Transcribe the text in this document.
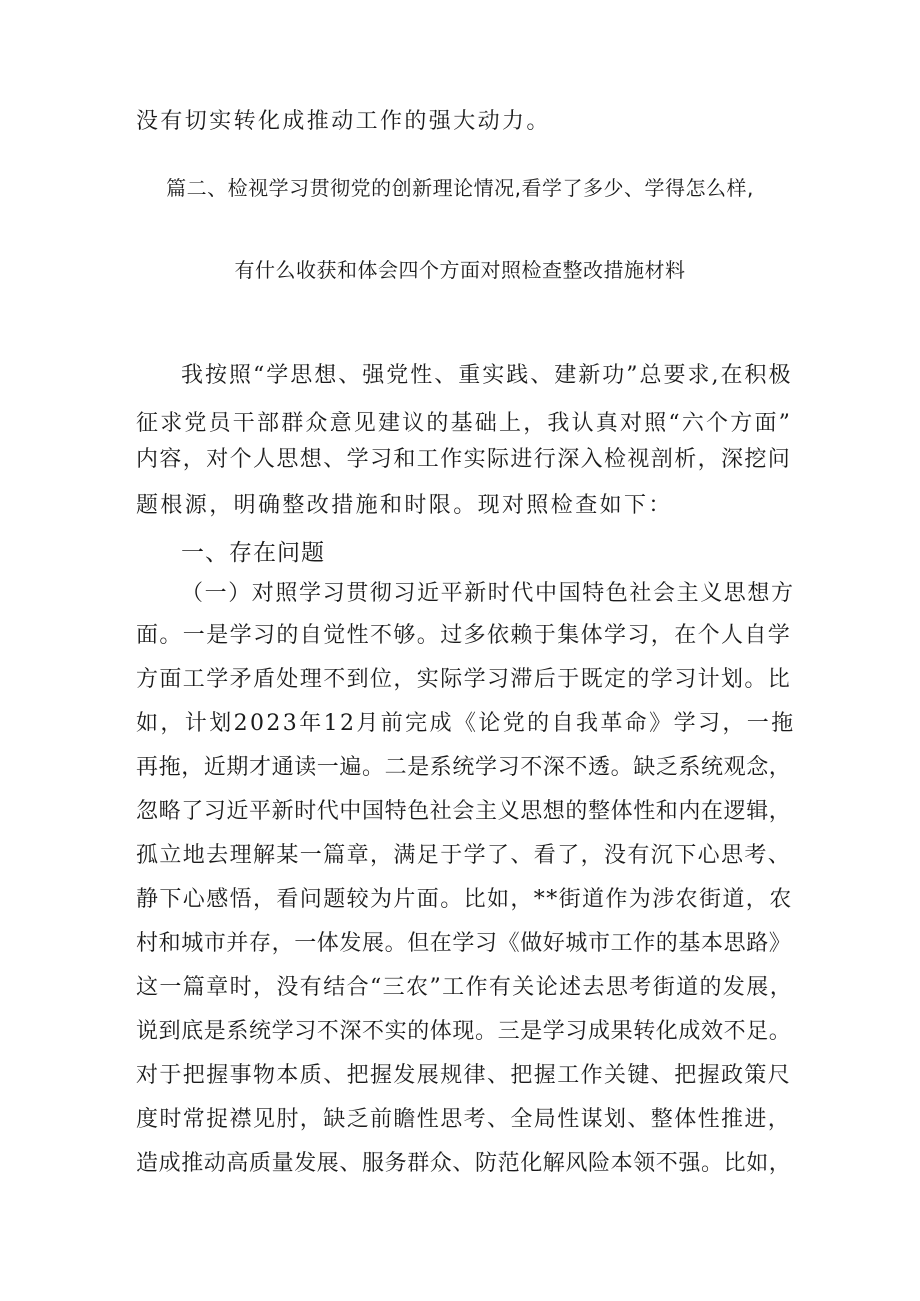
没有切实转化成推动工作的强大动力。
篇二、检视学习贯彻党的创新理论情况,看学了多少、学得怎么样,
有什么收获和体会四个方面对照检查整改措施材料
我按照“学思想、强党性、重实践、建新功”总要求,在积极
征求党员干部群众意见建议的基础上，我认真对照“六个方面”
内容，对个人思想、学习和工作实际进行深入检视剖析，深挖问
题根源，明确整改措施和时限。现对照检查如下：
一、存在问题
（一）对照学习贯彻习近平新时代中国特色社会主义思想方
面。一是学习的自觉性不够。过多依赖于集体学习，在个人自学
方面工学矛盾处理不到位，实际学习滞后于既定的学习计划。比
如，计划2023年12月前完成《论党的自我革命》学习，一拖
再拖，近期才通读一遍。二是系统学习不深不透。缺乏系统观念，
忽略了习近平新时代中国特色社会主义思想的整体性和内在逻辑，
孤立地去理解某一篇章，满足于学了、看了，没有沉下心思考、
静下心感悟，看问题较为片面。比如，**街道作为涉农街道，农
村和城市并存，一体发展。但在学习《做好城市工作的基本思路》
这一篇章时，没有结合“三农”工作有关论述去思考街道的发展，
说到底是系统学习不深不实的体现。三是学习成果转化成效不足。
对于把握事物本质、把握发展规律、把握工作关键、把握政策尺
度时常捉襟见肘，缺乏前瞻性思考、全局性谋划、整体性推进，
造成推动高质量发展、服务群众、防范化解风险本领不强。比如，
